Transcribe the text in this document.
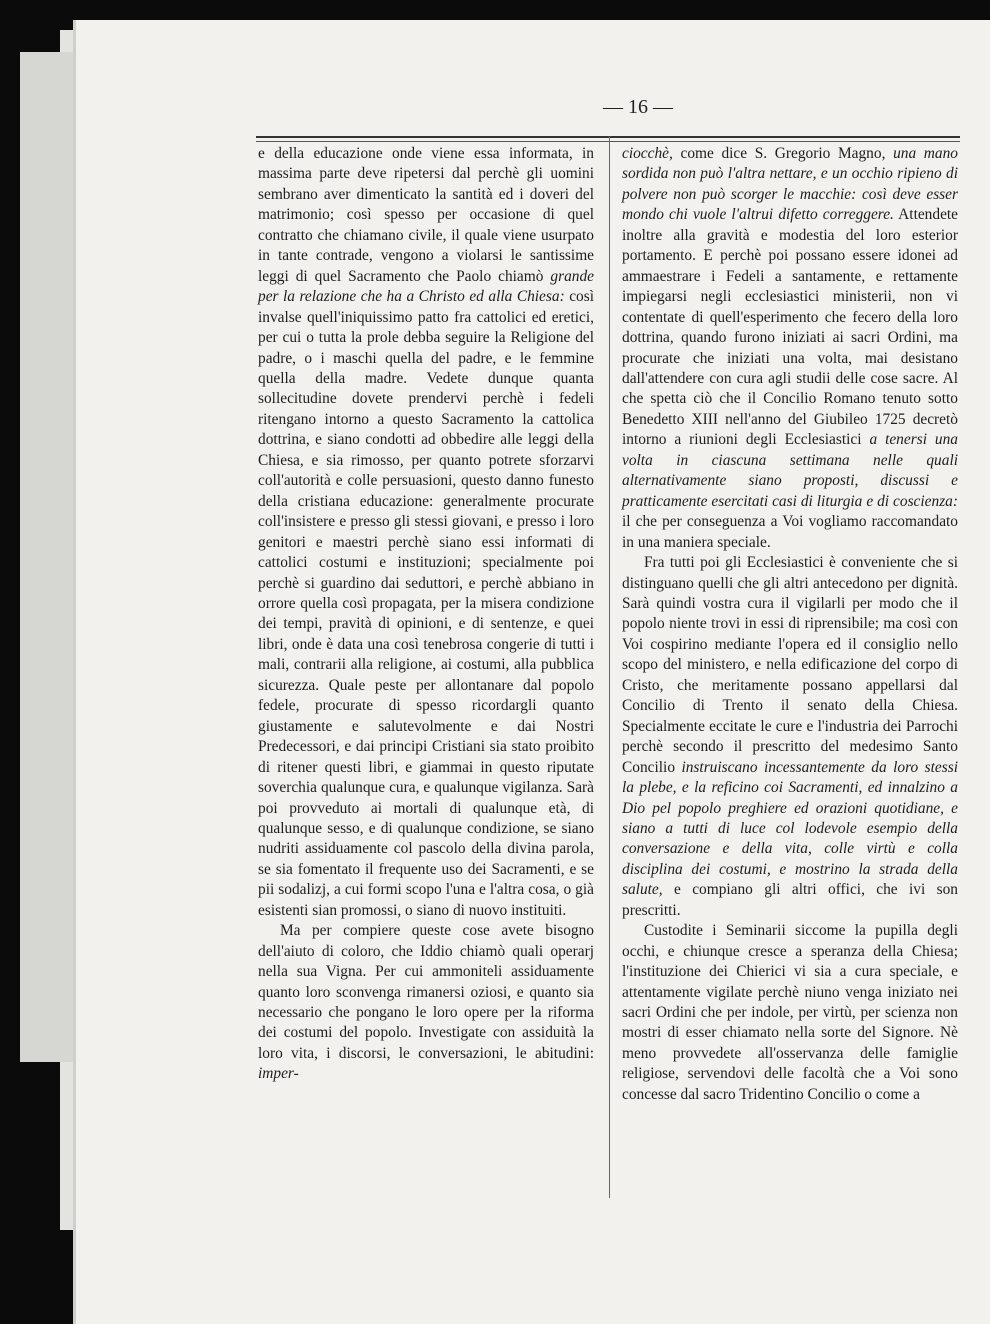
— 16 —

e della educazione onde viene essa informata, in massima parte deve ripetersi dal perchè gli uomini sembrano aver dimenticato la santità ed i doveri del matrimonio; così spesso per occasione di quel contratto che chiamano civile, il quale viene usurpato in tante contrade, vengono a violarsi le santissime leggi di quel Sacramento che Paolo chiamò grande per la relazione che ha a Christo ed alla Chiesa: così invalse quell'iniquissimo patto fra cattolici ed eretici, per cui o tutta la prole debba seguire la Religione del padre, o i maschi quella del padre, e le femmine quella della madre. Vedete dunque quanta sollecitudine dovete prendervi perchè i fedeli ritengano intorno a questo Sacramento la cattolica dottrina, e siano condotti ad obbedire alle leggi della Chiesa, e sia rimosso, per quanto potrete sforzarvi coll'autorità e colle persuasioni, questo danno funesto della cristiana educazione: generalmente procurate coll'insistere e presso gli stessi giovani, e presso i loro genitori e maestri perchè siano essi informati di cattolici costumi e instituzioni; specialmente poi perchè si guardino dai seduttori, e perchè abbiano in orrore quella così propagata, per la misera condizione dei tempi, pravità di opinioni, e di sentenze, e quei libri, onde è data una così tenebrosa congerie di tutti i mali, contrarii alla religione, ai costumi, alla pubblica sicurezza. Quale peste per allontanare dal popolo fedele, procurate di spesso ricordargli quanto giustamente e salutevolmente e dai Nostri Predecessori, e dai principi Cristiani sia stato proibito di ritener questi libri, e giammai in questo riputate soverchia qualunque cura, e qualunque vigilanza. Sarà poi provveduto ai mortali di qualunque età, di qualunque sesso, e di qualunque condizione, se siano nudriti assiduamente col pascolo della divina parola, se sia fomentato il frequente uso dei Sacramenti, e se pii sodalizj, a cui formi scopo l'una e l'altra cosa, o già esistenti sian promossi, o siano di nuovo instituiti.

Ma per compiere queste cose avete bisogno dell'aiuto di coloro, che Iddio chiamò quali operarj nella sua Vigna. Per cui ammoniteli assiduamente quanto loro sconvenga rimanersi oziosi, e quanto sia necessario che pongano le loro opere per la riforma dei costumi del popolo. Investigate con assiduità la loro vita, i discorsi, le conversazioni, le abitudini: imper-

ciocchè, come dice S. Gregorio Magno, una mano sordida non può l'altra nettare, e un occhio ripieno di polvere non può scorger le macchie: così deve esser mondo chi vuole l'altrui difetto correggere. Attendete inoltre alla gravità e modestia del loro esterior portamento. E perchè poi possano essere idonei ad ammaestrare i Fedeli a santamente, e rettamente impiegarsi negli ecclesiastici ministerii, non vi contentate di quell'esperimento che fecero della loro dottrina, quando furono iniziati ai sacri Ordini, ma procurate che iniziati una volta, mai desistano dall'attendere con cura agli studii delle cose sacre. Al che spetta ciò che il Concilio Romano tenuto sotto Benedetto XIII nell'anno del Giubileo 1725 decretò intorno a riunioni degli Ecclesiastici a tenersi una volta in ciascuna settimana nelle quali alternativamente siano proposti, discussi e pratticamente esercitati casi di liturgia e di coscienza: il che per conseguenza a Voi vogliamo raccomandato in una maniera speciale.

Fra tutti poi gli Ecclesiastici è conveniente che si distinguano quelli che gli altri antecedono per dignità. Sarà quindi vostra cura il vigilarli per modo che il popolo niente trovi in essi di riprensibile; ma così con Voi cospirino mediante l'opera ed il consiglio nello scopo del ministero, e nella edificazione del corpo di Cristo, che meritamente possano appellarsi dal Concilio di Trento il senato della Chiesa. Specialmente eccitate le cure e l'industria dei Parrochi perchè secondo il prescritto del medesimo Santo Concilio instruiscano incessantemente da loro stessi la plebe, e la reficino coi Sacramenti, ed innalzino a Dio pel popolo preghiere ed orazioni quotidiane, e siano a tutti di luce col lodevole esempio della conversazione e della vita, colle virtù e colla disciplina dei costumi, e mostrino la strada della salute, e compiano gli altri offici, che ivi son prescritti.

Custodite i Seminarii siccome la pupilla degli occhi, e chiunque cresce a speranza della Chiesa; l'instituzione dei Chierici vi sia a cura speciale, e attentamente vigilate perchè niuno venga iniziato nei sacri Ordini che per indole, per virtù, per scienza non mostri di esser chiamato nella sorte del Signore. Nè meno provvedete all'osservanza delle famiglie religiose, servendovi delle facoltà che a Voi sono concesse dal sacro Tridentino Concilio o come a
